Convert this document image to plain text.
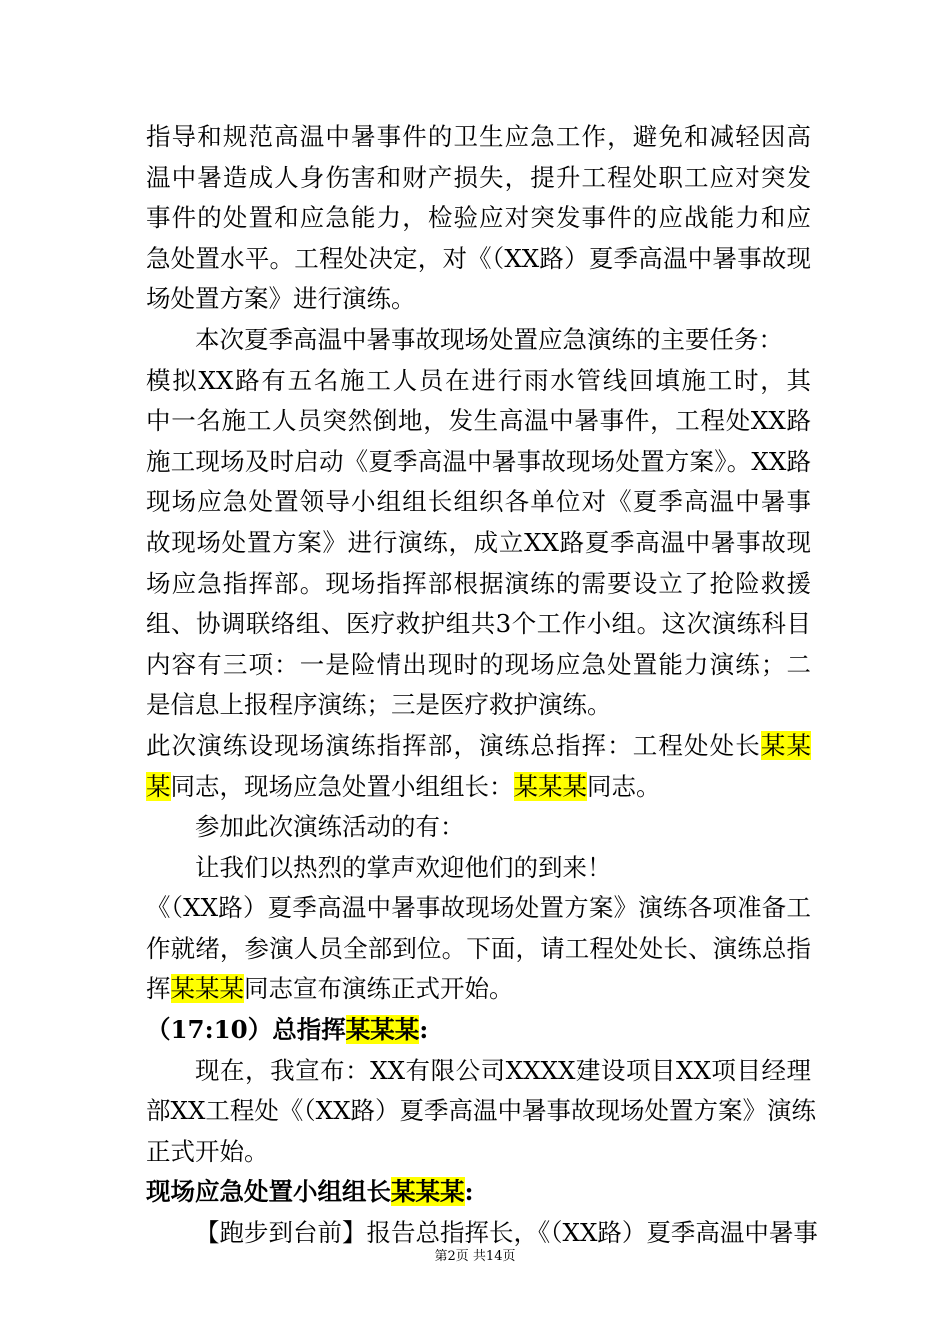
指导和规范高温中暑事件的卫生应急工作，避免和减轻因高
温中暑造成人身伤害和财产损失，提升工程处职工应对突发
事件的处置和应急能力，检验应对突发事件的应战能力和应
急处置水平。工程处决定，对《（XX路）夏季高温中暑事故现
场处置方案》进行演练。
本次夏季高温中暑事故现场处置应急演练的主要任务：
模拟XX路有五名施工人员在进行雨水管线回填施工时，其
中一名施工人员突然倒地，发生高温中暑事件，工程处XX路
施工现场及时启动《夏季高温中暑事故现场处置方案》。XX路
现场应急处置领导小组组长组织各单位对《夏季高温中暑事
故现场处置方案》进行演练，成立XX路夏季高温中暑事故现
场应急指挥部。现场指挥部根据演练的需要设立了抢险救援
组、协调联络组、医疗救护组共3个工作小组。这次演练科目
内容有三项：一是险情出现时的现场应急处置能力演练；二
是信息上报程序演练；三是医疗救护演练。
此次演练设现场演练指挥部，演练总指挥：工程处处长某某
某同志，现场应急处置小组组长：某某某同志。
参加此次演练活动的有：
让我们以热烈的掌声欢迎他们的到来！
《（XX路）夏季高温中暑事故现场处置方案》演练各项准备工
作就绪，参演人员全部到位。下面，请工程处处长、演练总指
挥某某某同志宣布演练正式开始。
（17:10）总指挥某某某:
现在，我宣布：XX有限公司XXXX建设项目XX项目经理
部XX工程处《（XX路）夏季高温中暑事故现场处置方案》演练
正式开始。
现场应急处置小组组长某某某:
【跑步到台前】报告总指挥长，《（XX路）夏季高温中暑事
第2页 共14页
